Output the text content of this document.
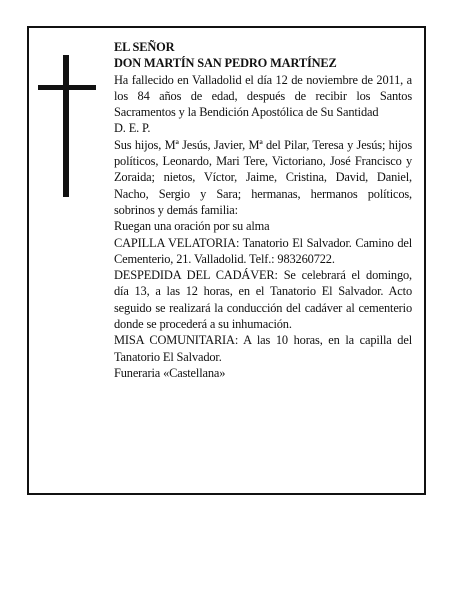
EL SEÑOR
DON MARTÍN SAN PEDRO MARTÍNEZ
Ha fallecido en Valladolid el día 12 de noviembre de 2011, a los 84 años de edad, después de recibir los Santos Sacramentos y la Bendición Apostólica de Su Santidad
D. E. P.
Sus hijos, Mª Jesús, Javier, Mª del Pilar, Teresa y Jesús; hijos políticos, Leonardo, Mari Tere, Victoriano, José Francisco y Zoraida; nietos, Víctor, Jaime, Cristina, David, Daniel, Nacho, Sergio y Sara; hermanas, hermanos políticos, sobrinos y demás familia:
Ruegan una oración por su alma
CAPILLA VELATORIA: Tanatorio El Salvador. Camino del Cementerio, 21. Valladolid. Telf.: 983260722.
DESPEDIDA DEL CADÁVER: Se celebrará el domingo, día 13, a las 12 horas, en el Tanatorio El Salvador. Acto seguido se realizará la conducción del cadáver al cementerio donde se procederá a su inhumación.
MISA COMUNITARIA: A las 10 horas, en la capilla del Tanatorio El Salvador.
Funeraria «Castellana»
